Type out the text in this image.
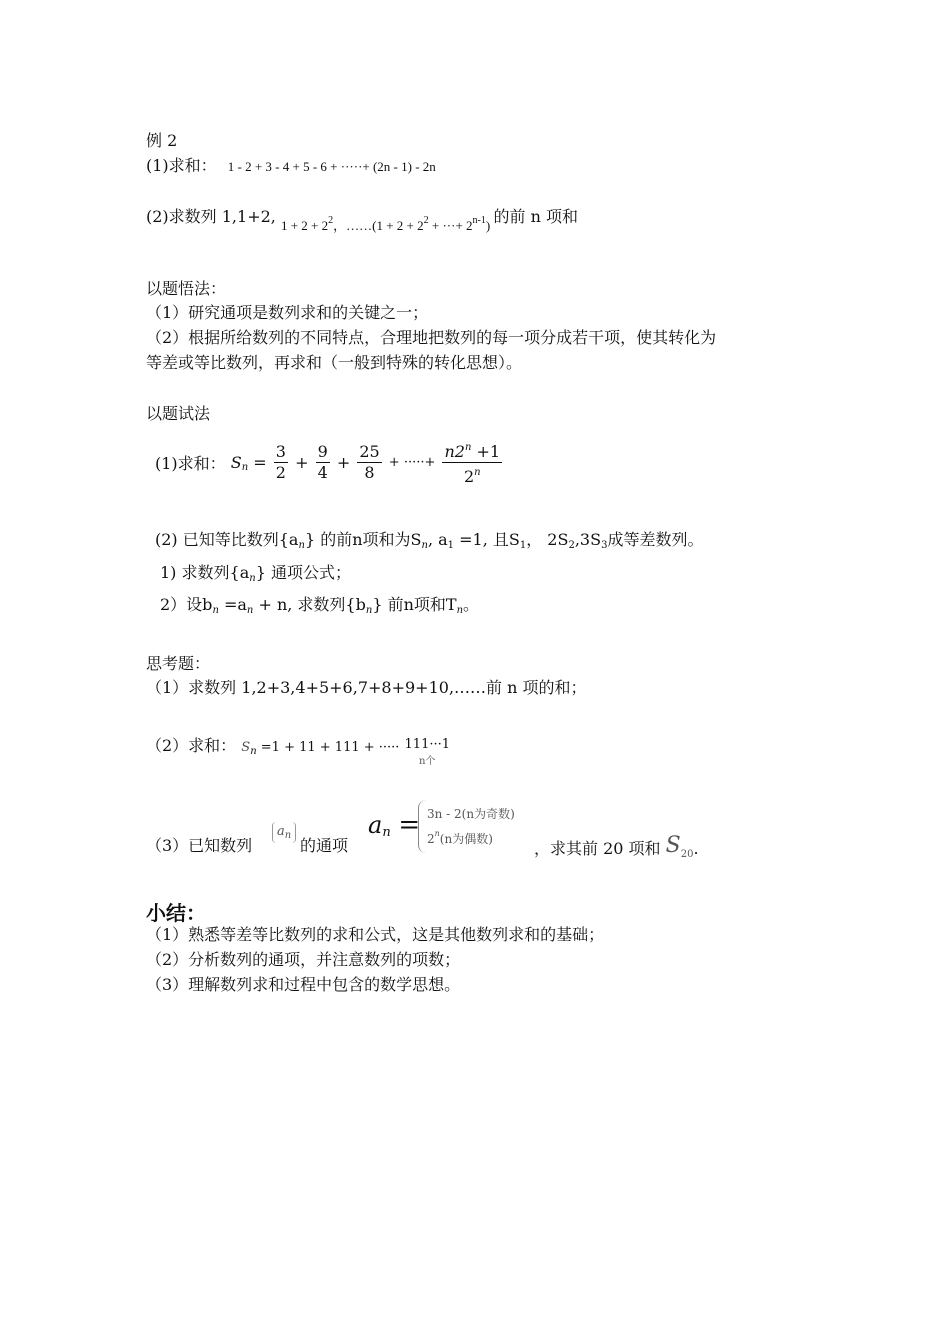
例 2
(1)求和： 1 - 2 + 3 - 4 + 5 - 6 + ·····+ (2n - 1) - 2n
(2)求数列 1,1+2, $_{1 + 2 + 2^2,\dots\dots(1 + 2 + 2^2 + \cdot\cdot\cdot+ 2^{n-1})}$ 的前 n 项和
以题悟法：
（1）研究通项是数列求和的关键之一；
（2）根据所给数列的不同特点，合理地把数列的每一项分成若干项，使其转化为
等差或等比数列，再求和（一般到特殊的转化思想）。
以题试法
(1)求和： $S_n = \frac{3}{2} + \frac{9}{4} + \frac{25}{8}$ + ·····+ $\frac{n2^n +1}{2^n}$
(2) 已知等比数列$\{a_n\}$ 的前n项和为$S_n$, $a_1 =1$, 且$S_1$， $2S_2,3S_3$成等差数列。
1) 求数列$\{a_n\}$ 通项公式；
2）设$b_n =a_n + n$, 求数列$\{b_n\}$ 前n项和$T_n$。
思考题：
（1）求数列 1,2+3,4+5+6,7+8+9+10,……前 n 项的和；
（2）求和： $S_n =1 + 11 + 111$ + ····· 111···1
n个
（3）已知数列
$a_n$
的通项
$a_n = 3n - 2(n$为奇数)
2$^n$(n为偶数)	，求其前 20 项和 $S_{20}$.
小结：
（1）熟悉等差等比数列的求和公式，这是其他数列求和的基础；
（2）分析数列的通项，并注意数列的项数；
（3）理解数列求和过程中包含的数学思想。
